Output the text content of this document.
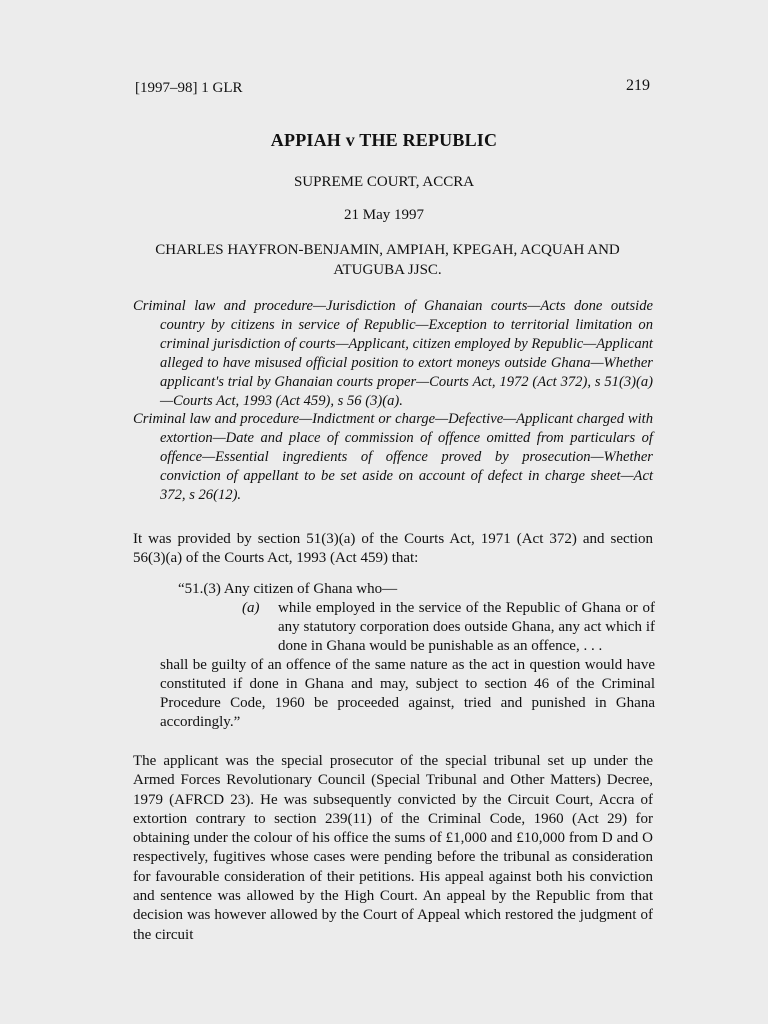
[1997–98] 1 GLR	219
APPIAH v THE REPUBLIC
SUPREME COURT, ACCRA
21 May 1997
CHARLES HAYFRON-BENJAMIN, AMPIAH, KPEGAH, ACQUAH AND
ATUGUBA JJSC.

Criminal law and procedure—Jurisdiction of Ghanaian courts—Acts done outside country by citizens in service of Republic—Exception to territorial limitation on criminal jurisdiction of courts—Applicant, citizen employed by Republic—Applicant alleged to have misused official position to extort moneys outside Ghana—Whether applicant's trial by Ghanaian courts proper—Courts Act, 1972 (Act 372), s 51(3)(a)—Courts Act, 1993 (Act 459), s 56 (3)(a).

Criminal law and procedure—Indictment or charge—Defective—Applicant charged with extortion—Date and place of commission of offence omitted from particulars of offence—Essential ingredients of offence proved by prosecution—Whether conviction of appellant to be set aside on account of defect in charge sheet—Act 372, s 26(12).

It was provided by section 51(3)(a) of the Courts Act, 1971 (Act 372) and section 56(3)(a) of the Courts Act, 1993 (Act 459) that:

“51.(3) Any citizen of Ghana who—
(a) while employed in the service of the Republic of Ghana or of any statutory corporation does outside Ghana, any act which if done in Ghana would be punishable as an offence, . . .

shall be guilty of an offence of the same nature as the act in question would have constituted if done in Ghana and may, subject to section 46 of the Criminal Procedure Code, 1960 be proceeded against, tried and punished in Ghana accordingly.”

The applicant was the special prosecutor of the special tribunal set up under the Armed Forces Revolutionary Council (Special Tribunal and Other Matters) Decree, 1979 (AFRCD 23). He was subsequently convicted by the Circuit Court, Accra of extortion contrary to section 239(11) of the Criminal Code, 1960 (Act 29) for obtaining under the colour of his office the sums of £1,000 and £10,000 from D and O respectively, fugitives whose cases were pending before the tribunal as consideration for favourable consideration of their petitions. His appeal against both his conviction and sentence was allowed by the High Court. An appeal by the Republic from that decision was however allowed by the Court of Appeal which restored the judgment of the circuit
